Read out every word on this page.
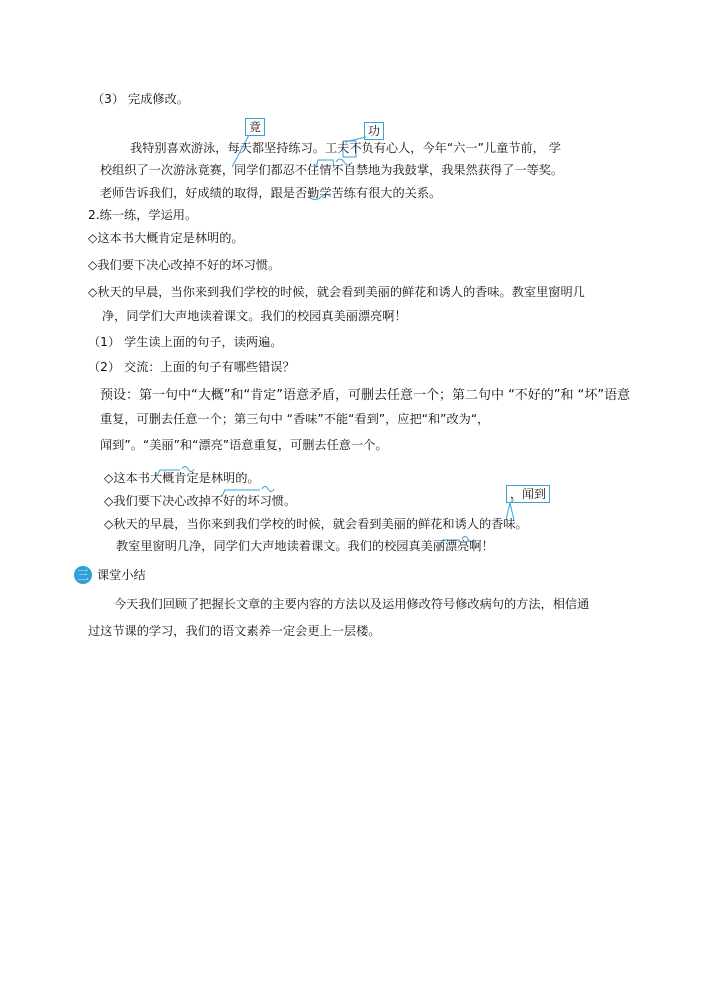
（3） 完成修改。
竟	功
我特别喜欢游泳，每天都坚持练习。工夫不负有心人，今年“六一”儿童节前， 学
校组织了一次游泳竟赛，同学们都忍不住情不自禁地为我鼓掌，我果然获得了一等奖。
老师告诉我们，好成绩的取得，跟是否勤学苦练有很大的关系。
2.练一练，学运用。
◇这本书大概肯定是林明的。
◇我们要下决心改掉不好的坏习惯。
◇秋天的早晨，当你来到我们学校的时候，就会看到美丽的鲜花和诱人的香味。教室里窗明几
净，同学们大声地读着课文。我们的校园真美丽漂亮啊！
（1） 学生读上面的句子，读两遍。
（2） 交流：上面的句子有哪些错误？
预设：第一句中“大概”和“肯定”语意矛盾，可删去任意一个；第二句中 “不好的”和 “坏”语意
重复，可删去任意一个；第三句中 “香味”不能“看到”，应把“和”改为“，
闻到”。“美丽”和“漂亮”语意重复，可删去任意一个。
，闻到
◇这本书大概肯定是林明的。
◇我们要下决心改掉不好的坏习惯。
◇秋天的早晨，当你来到我们学校的时候，就会看到美丽的鲜花和诱人的香味。
教室里窗明几净，同学们大声地读着课文。我们的校园真美丽漂亮啊！
三 课堂小结
今天我们回顾了把握长文章的主要内容的方法以及运用修改符号修改病句的方法，相信通
过这节课的学习，我们的语文素养一定会更上一层楼。
